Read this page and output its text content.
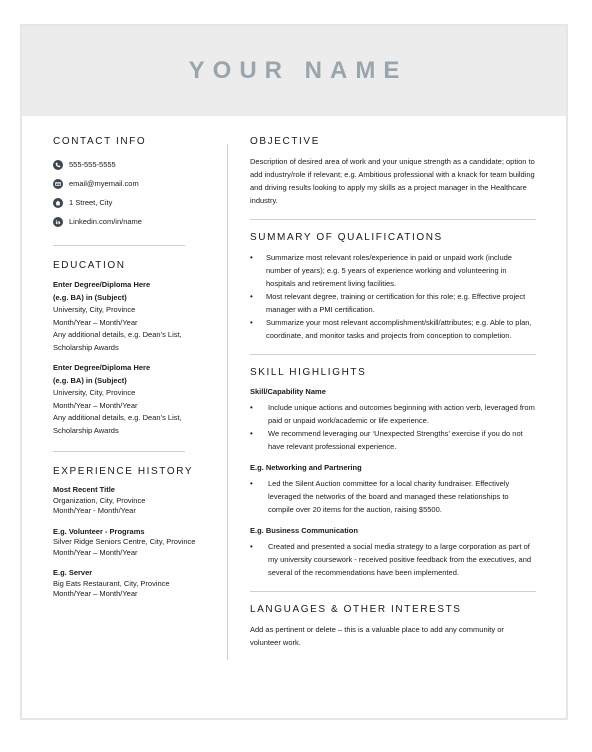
YOUR NAME
CONTACT INFO
555-555-5555
email@myemail.com
1 Street, City
Linkedin.com/in/name
EDUCATION
Enter Degree/Diploma Here
(e.g. BA) in (Subject)
University, City, Province
Month/Year – Month/Year
Any additional details, e.g. Dean’s List, Scholarship Awards
Enter Degree/Diploma Here
(e.g. BA) in (Subject)
University, City, Province
Month/Year – Month/Year
Any additional details, e.g. Dean’s List, Scholarship Awards
EXPERIENCE HISTORY
Most Recent Title
Organization, City, Province
Month/Year - Month/Year
E.g. Volunteer - Programs
Silver Ridge Seniors Centre, City, Province
Month/Year – Month/Year
E.g. Server
Big Eats Restaurant, City, Province
Month/Year – Month/Year
OBJECTIVE

Description of desired area of work and your unique strength as a candidate; option to add industry/role if relevant; e.g. Ambitious professional with a knack for team building and driving results looking to apply my skills as a project manager in the Healthcare industry.

SUMMARY OF QUALIFICATIONS
• Summarize most relevant roles/experience in paid or unpaid work (include number of years); e.g. 5 years of experience working and volunteering in hospitals and retirement living facilities.
• Most relevant degree, training or certification for this role; e.g. Effective project manager with a PMI certification.
• Summarize your most relevant accomplishment/skill/attributes; e.g. Able to plan, coordinate, and monitor tasks and projects from conception to completion.
SKILL HIGHLIGHTS
Skill/Capability Name
• Include unique actions and outcomes beginning with action verb, leveraged from paid or unpaid work/academic or life experience.
• We recommend leveraging our ‘Unexpected Strengths’ exercise if you do not have relevant professional experience.
E.g. Networking and Partnering
• Led the Silent Auction committee for a local charity fundraiser. Effectively leveraged the networks of the board and managed these relationships to compile over 20 items for the auction, raising $5500.
E.g. Business Communication
• Created and presented a social media strategy to a large corporation as part of my university coursework - received positive feedback from the executives, and several of the recommendations have been implemented.
LANGUAGES & OTHER INTERESTS

Add as pertinent or delete – this is a valuable place to add any community or volunteer work.
